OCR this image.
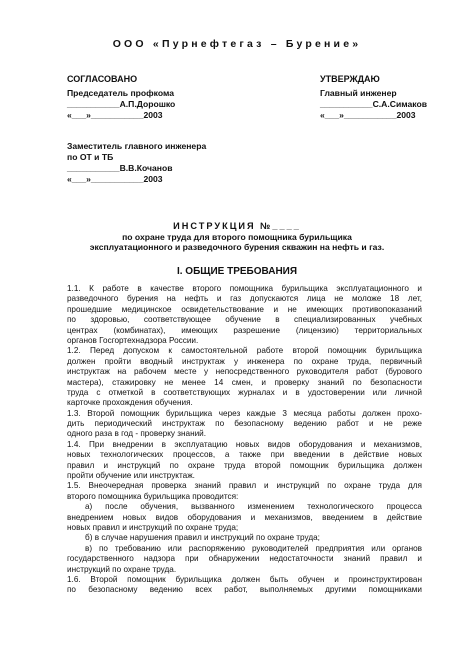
ООО «Пурнефтегаз – Бурение»
СОГЛАСОВАНО
Председатель профкома
___________А.П.Дорошко
«___»___________2003
Заместитель главного инженера
по ОТ и ТБ
___________В.В.Кочанов
«___»___________2003
УТВЕРЖДАЮ
Главный инженер
___________С.А.Симаков
«___»___________2003
ИНСТРУКЦИЯ №____
по охране труда для второго помощника бурильщика
эксплуатационного и разведочного бурения скважин на нефть и газ.
I. ОБЩИЕ ТРЕБОВАНИЯ
1.1. К работе в качестве второго помощника бурильщика эксплуатационного и
разведочного бурения на нефть и газ допускаются лица не моложе 18 лет,
прошедшие медицинское освидетельствование и не имеющих противопоказаний
по здоровью, соответствующее обучение в специализированных учебных
центрах (комбинатах), имеющих разрешение (лицензию) территориальных
органов Госгортехнадзора России.
1.2. Перед допуском к самостоятельной работе второй помощник бурильщика
должен пройти вводный инструктаж у инженера по охране труда, первичный
инструктаж на рабочем месте у непосредственного руководителя работ (бурового
мастера), стажировку не менее 14 смен, и проверку знаний по безопасности
труда с отметкой в соответствующих журналах и в удостоверении или личной
карточке прохождения обучения.
1.3. Второй помощник бурильщика через каждые 3 месяца работы должен прохо-
дить периодический инструктаж по безопасному ведению работ и не реже
одного раза в год - проверку знаний.
1.4. При внедрении в эксплуатацию новых видов оборудования и механизмов,
новых технологических процессов, а также при введении в действие новых
правил и инструкций по охране труда второй помощник бурильщика должен
пройти обучение или инструктаж.
1.5. Внеочередная проверка знаний правил и инструкций по охране труда для
второго помощника бурильщика проводится:
а) после обучения, вызванного изменением технологического процесса
внедрением новых видов оборудования и механизмов, введением в действие
новых правил и инструкций по охране труда;
б) в случае нарушения правил и инструкций по охране труда;
в) по требованию или распоряжению руководителей предприятия или органов
государственного надзора при обнаружении недостаточности знаний правил и
инструкций по охране труда.
1.6. Второй помощник бурильщика должен быть обучен и проинструктирован
по безопасному ведению всех работ, выполняемых другими помощниками
